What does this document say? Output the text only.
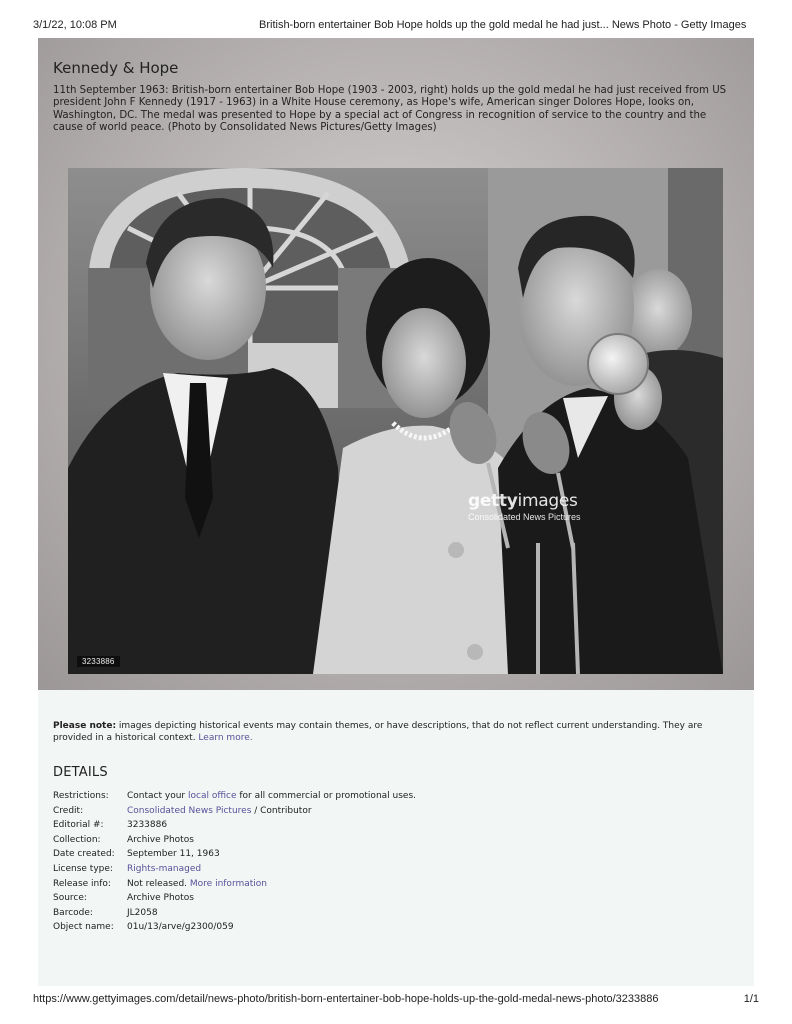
3/1/22, 10:08 PM	British-born entertainer Bob Hope holds up the gold medal he had just... News Photo - Getty Images
Kennedy & Hope
11th September 1963: British-born entertainer Bob Hope (1903 - 2003, right) holds up the gold medal he had just received from US president John F Kennedy (1917 - 1963) in a White House ceremony, as Hope's wife, American singer Dolores Hope, looks on, Washington, DC. The medal was presented to Hope by a special act of Congress in recognition of service to the country and the cause of world peace. (Photo by Consolidated News Pictures/Getty Images)
gettyimages
Consolidated News Pictures
3233886
Please note: images depicting historical events may contain themes, or have descriptions, that do not reflect current understanding. They are provided in a historical context. Learn more.
DETAILS
Restrictions:	Contact your local office for all commercial or promotional uses.
Credit:	Consolidated News Pictures / Contributor
Editorial #:	3233886
Collection:	Archive Photos
Date created:	September 11, 1963
License type:	Rights-managed
Release info:	Not released. More information
Source:	Archive Photos
Barcode:	JL2058
Object name:	01u/13/arve/g2300/059
https://www.gettyimages.com/detail/news-photo/british-born-entertainer-bob-hope-holds-up-the-gold-medal-news-photo/3233886	1/1
